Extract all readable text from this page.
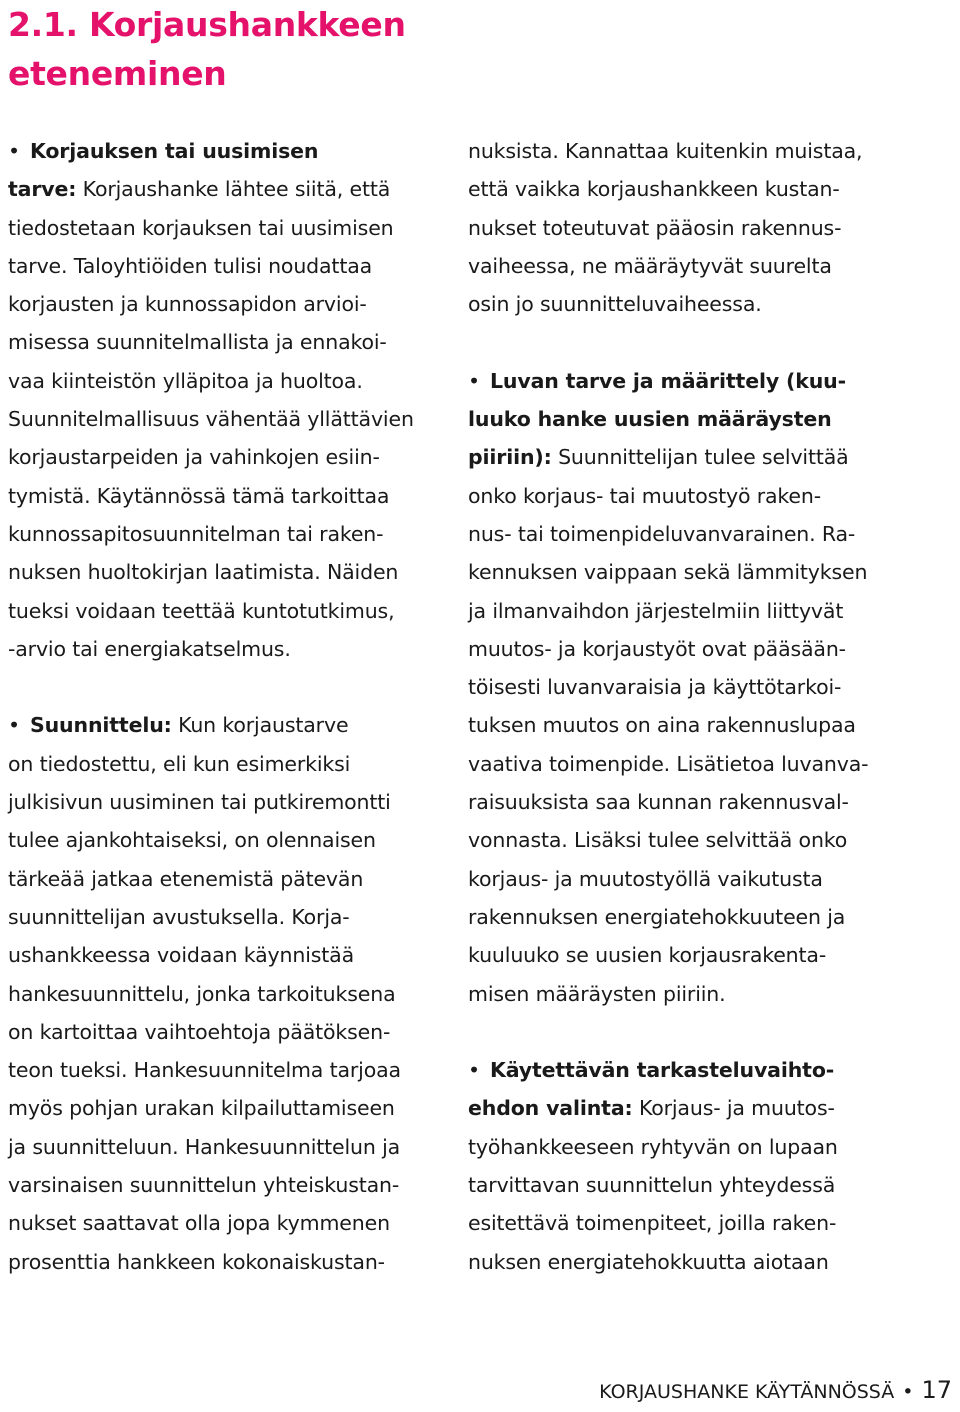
2.1. Korjaushankkeen
eteneminen
• Korjauksen tai uusimisen
tarve: Korjaushanke lähtee siitä, että
tiedostetaan korjauksen tai uusimisen
tarve. Taloyhtiöiden tulisi noudattaa
korjausten ja kunnossapidon arvioi-
misessa suunnitelmallista ja ennakoi-
vaa kiinteistön ylläpitoa ja huoltoa.
Suunnitelmallisuus vähentää yllättävien
korjaustarpeiden ja vahinkojen esiin-
tymistä. Käytännössä tämä tarkoittaa
kunnossapitosuunnitelman tai raken-
nuksen huoltokirjan laatimista. Näiden
tueksi voidaan teettää kuntotutkimus,
-arvio tai energiakatselmus.
• Suunnittelu: Kun korjaustarve
on tiedostettu, eli kun esimerkiksi
julkisivun uusiminen tai putkiremontti
tulee ajankohtaiseksi, on olennaisen
tärkeää jatkaa etenemistä pätevän
suunnittelijan avustuksella. Korja-
ushankkeessa voidaan käynnistää
hankesuunnittelu, jonka tarkoituksena
on kartoittaa vaihtoehtoja päätöksen-
teon tueksi. Hankesuunnitelma tarjoaa
myös pohjan urakan kilpailuttamiseen
ja suunnitteluun. Hankesuunnittelun ja
varsinaisen suunnittelun yhteiskustan-
nukset saattavat olla jopa kymmenen
prosenttia hankkeen kokonaiskustan-
nuksista. Kannattaa kuitenkin muistaa,
että vaikka korjaushankkeen kustan-
nukset toteutuvat pääosin rakennus-
vaiheessa, ne määräytyvät suurelta
osin jo suunnitteluvaiheessa.
• Luvan tarve ja määrittely (kuu-
luuko hanke uusien määräysten
piiriin): Suunnittelijan tulee selvittää
onko korjaus- tai muutostyö raken-
nus- tai toimenpideluvanvarainen. Ra-
kennuksen vaippaan sekä lämmityksen
ja ilmanvaihdon järjestelmiin liittyvät
muutos- ja korjaustyöt ovat pääsään-
töisesti luvanvaraisia ja käyttötarkoi-
tuksen muutos on aina rakennuslupaa
vaativa toimenpide. Lisätietoa luvanva-
raisuuksista saa kunnan rakennusval-
vonnasta. Lisäksi tulee selvittää onko
korjaus- ja muutostyöllä vaikutusta
rakennuksen energiatehokkuuteen ja
kuuluuko se uusien korjausrakenta-
misen määräysten piiriin.
• Käytettävän tarkasteluvaihto-
ehdon valinta: Korjaus- ja muutos-
työhankkeeseen ryhtyvän on lupaan
tarvittavan suunnittelun yhteydessä
esitettävä toimenpiteet, joilla raken-
nuksen energiatehokkuutta aiotaan
KORJAUSHANKE KÄYTÄNNÖSSÄ • 17
